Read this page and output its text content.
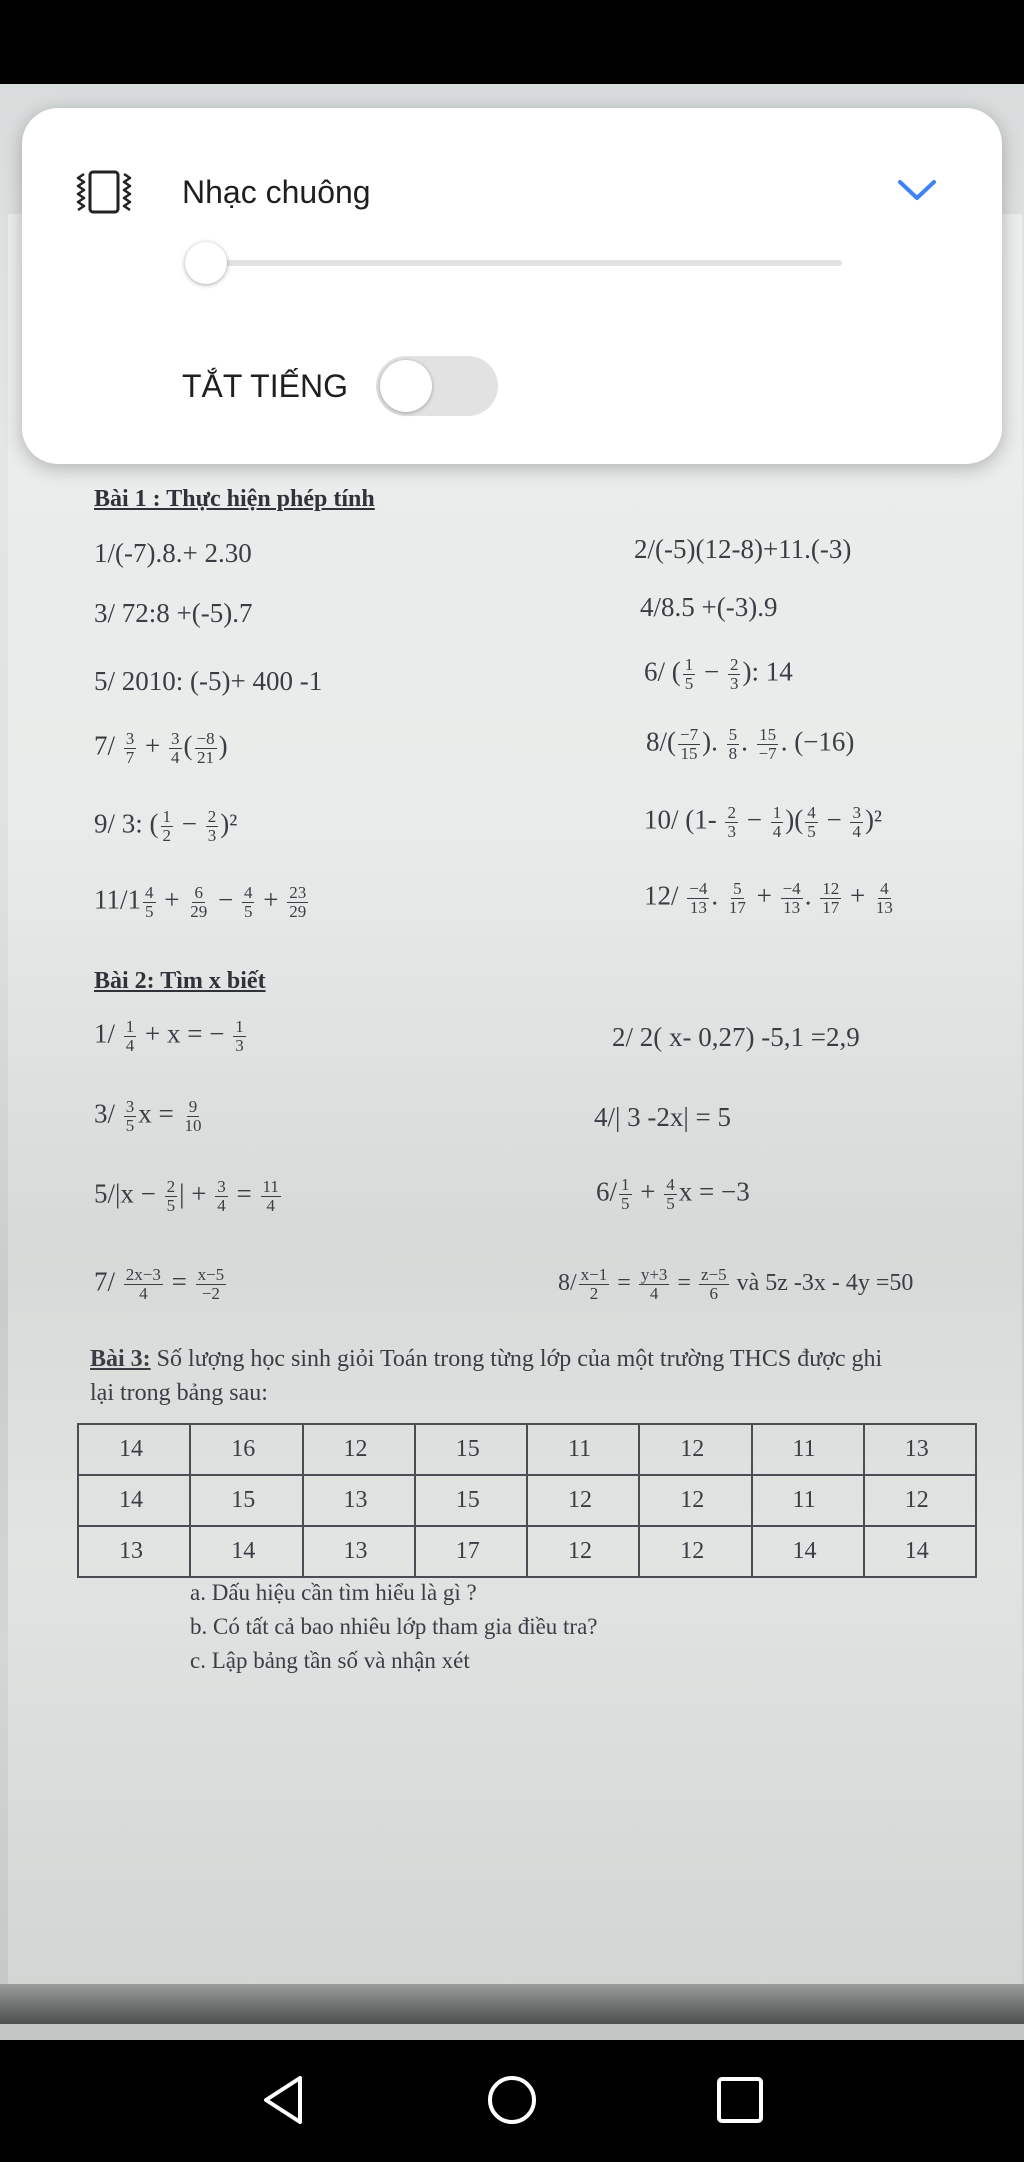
Bài 1 : Thực hiện phép tính
1/(-7).8.+ 2.30	2/(-5)(12-8)+11.(-3)
3/ 72:8 +(-5).7	4/8.5 +(-3).9
5/ 2010: (-5)+ 400 -1	6/ ( $\frac{1}{5} - \frac{2}{3}$ ): 14
$7/ \frac{3}{7} + \frac{3}{4}$ ( $\frac{-8}{21}$ )	$8/( \frac{-7}{15}$ ). $\frac{5}{8}$ . $\frac{15}{-7}$ . (−16)
9/ 3: ( $\frac{1}{2} - \frac{2}{3} )^2$	10/ ($1- \frac{2}{3} - \frac{1}{4}$ )( $\frac{4}{5} - \frac{3}{4} )^2$
$11/1 \frac{4}{5} + \frac{6}{29} - \frac{4}{5} + \frac{23}{29}$	$12/ \frac{-4}{13}$ . $\frac{5}{17} + \frac{-4}{13}$ . $\frac{12}{17} + \frac{4}{13}$
Bài 2: Tìm x biết
$1/ \frac{1}{4} + x$ = − $\frac{1}{3}$	2/ 2( x- 0,27) -5,1 =2,9
$3/ \frac{3}{5}$ $x = \frac{9}{10}$	4/| 3 -2x| = 5
$5/|x - \frac{2}{5}$ | + $\frac{3}{4} = \frac{11}{4}$	$6/ \frac{1}{5} + \frac{4}{5}$ x = −3
$7/ \frac{2x-3}{4} = \frac{x-5}{-2}$	$8/ \frac{x-1}{2} = \frac{y+3}{4} = \frac{z-5}{6}$ và 5z -3x - 4y =50
Bài 3: Số lượng học sinh giỏi Toán trong từng lớp của một trường THCS được ghi
lại trong bảng sau:
14	16	12	15	11	12	11	13
14	15	13	15	12	12	11	12
13	14	13	17	12	12	14	14
a. Dấu hiệu cần tìm hiểu là gì ?
b. Có tất cả bao nhiêu lớp tham gia điều tra?
c. Lập bảng tần số và nhận xét
Nhạc chuông
TẮT TIẾNG
